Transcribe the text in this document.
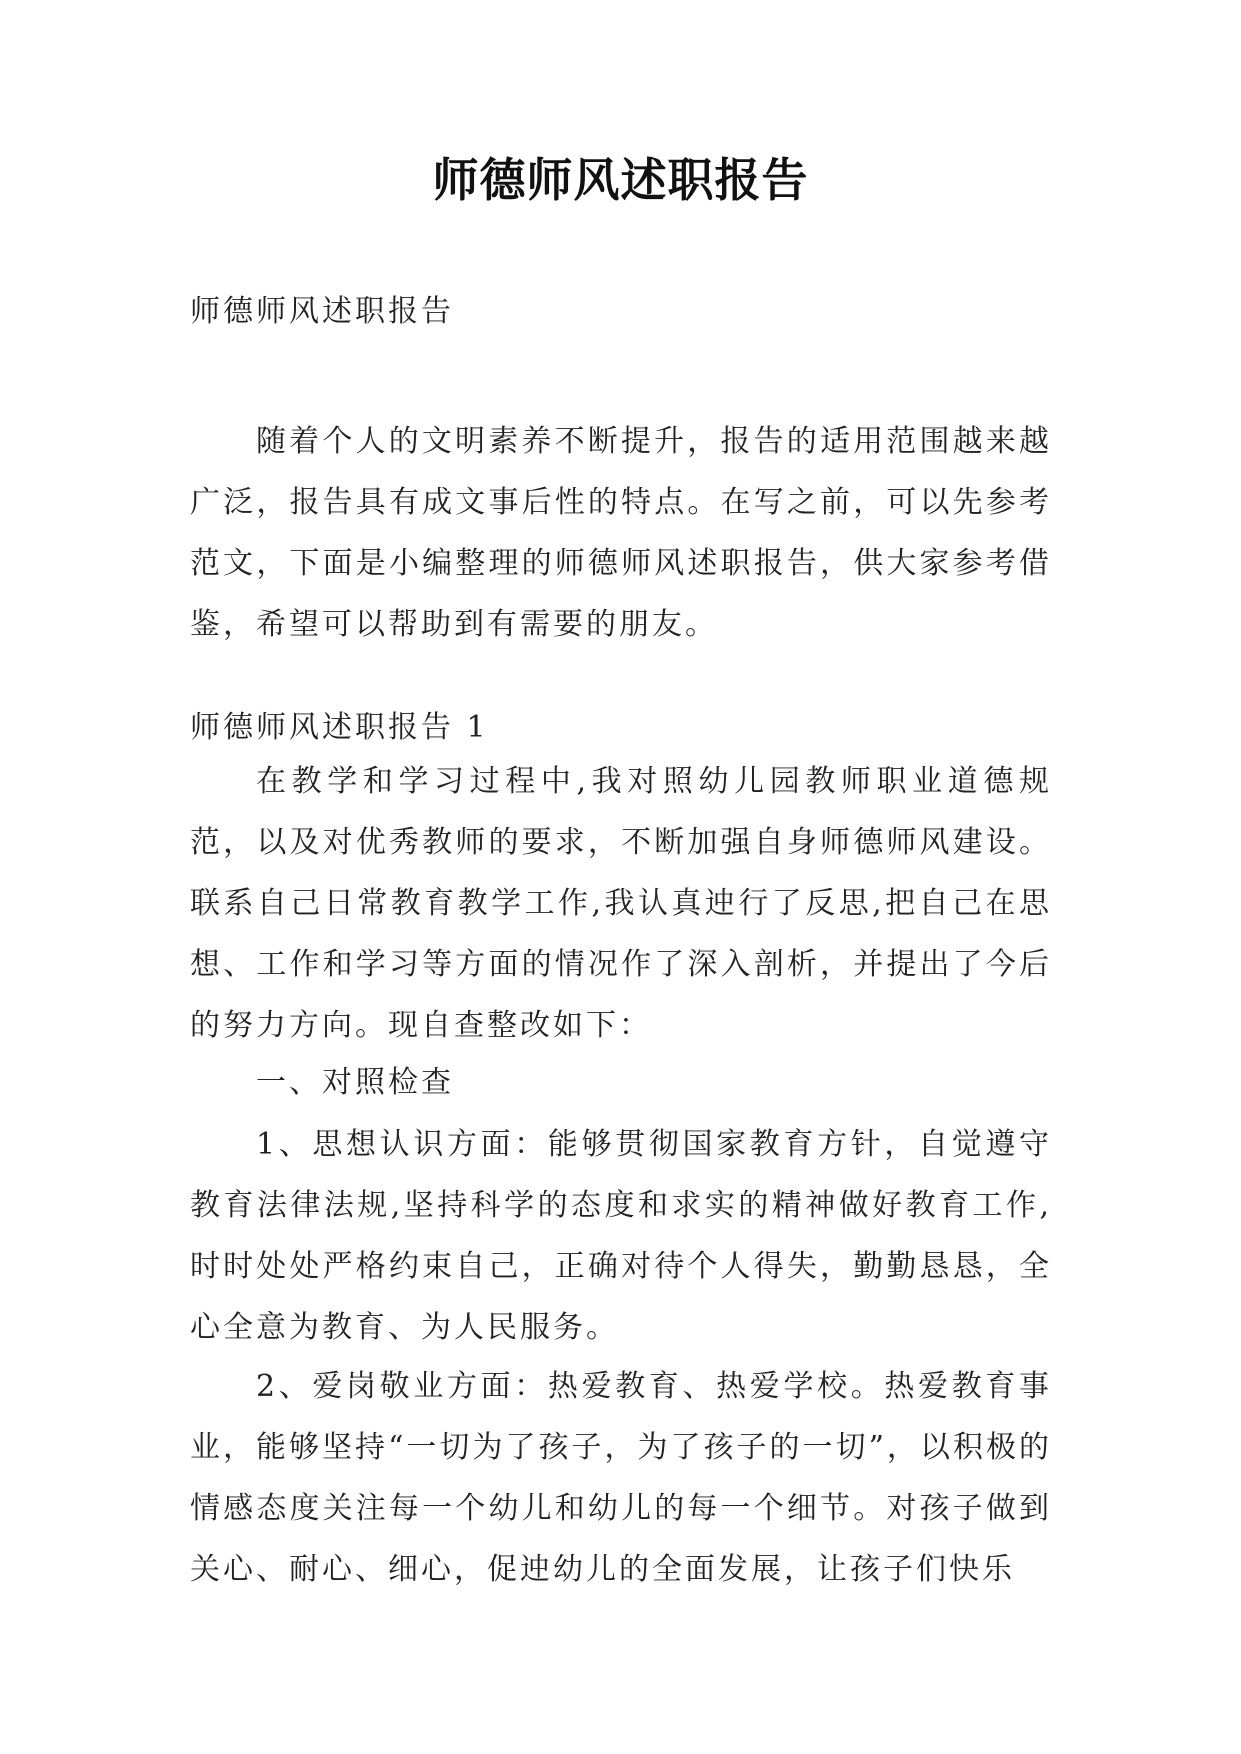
师德师风述职报告
师德师风述职报告

随着个人的文明素养不断提升，报告的适用范围越来越广泛，报告具有成文事后性的特点。在写之前，可以先参考范文，下面是小编整理的师德师风述职报告，供大家参考借鉴，希望可以帮助到有需要的朋友。

师德师风述职报告 1

在教学和学习过程中,我对照幼儿园教师职业道德规范，以及对优秀教师的要求，不断加强自身师德师风建设。联系自己日常教育教学工作,我认真迚行了反思,把自己在思想、工作和学习等方面的情况作了深入剖析，并提出了今后的努力方向。现自查整改如下：

一、对照检查

1、思想认识方面：能够贯彻国家教育方针，自觉遵守教育法律法规,坚持科学的态度和求实的精神做好教育工作,时时处处严格约束自己，正确对待个人得失，勤勤恳恳，全心全意为教育、为人民服务。

2、爱岗敬业方面：热爱教育、热爱学校。热爱教育事业，能够坚持“一切为了孩子，为了孩子的一切”，以积极的情感态度关注每一个幼儿和幼儿的每一个细节。对孩子做到关心、耐心、细心，促迚幼儿的全面发展，让孩子们快乐
